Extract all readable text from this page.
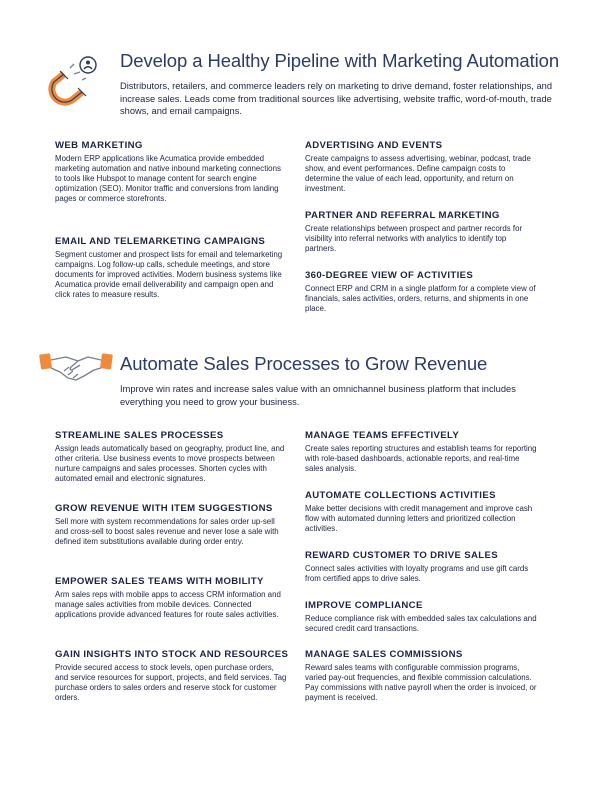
Develop a Healthy Pipeline with Marketing Automation

Distributors, retailers, and commerce leaders rely on marketing to drive demand, foster relationships, and increase sales. Leads come from traditional sources like advertising, website traffic, word-of-mouth, trade shows, and email campaigns.

WEB MARKETING

Modern ERP applications like Acumatica provide embedded marketing automation and native inbound marketing connections to tools like Hubspot to manage content for search engine optimization (SEO). Monitor traffic and conversions from landing pages or commerce storefronts.

EMAIL AND TELEMARKETING CAMPAIGNS

Segment customer and prospect lists for email and telemarketing campaigns. Log follow-up calls, schedule meetings, and store documents for improved activities. Modern business systems like Acumatica provide email deliverability and campaign open and click rates to measure results.

ADVERTISING AND EVENTS

Create campaigns to assess advertising, webinar, podcast, trade show, and event performances. Define campaign costs to determine the value of each lead, opportunity, and return on investment.

PARTNER AND REFERRAL MARKETING

Create relationships between prospect and partner records for visibility into referral networks with analytics to identify top partners.

360-DEGREE VIEW OF ACTIVITIES

Connect ERP and CRM in a single platform for a complete view of financials, sales activities, orders, returns, and shipments in one place.

Automate Sales Processes to Grow Revenue

Improve win rates and increase sales value with an omnichannel business platform that includes everything you need to grow your business.

STREAMLINE SALES PROCESSES

Assign leads automatically based on geography, product line, and other criteria. Use business events to move prospects between nurture campaigns and sales processes. Shorten cycles with automated email and electronic signatures.

GROW REVENUE WITH ITEM SUGGESTIONS

Sell more with system recommendations for sales order up-sell and cross-sell to boost sales revenue and never lose a sale with defined item substitutions available during order entry.

EMPOWER SALES TEAMS WITH MOBILITY

Arm sales reps with mobile apps to access CRM information and manage sales activities from mobile devices. Connected applications provide advanced features for route sales activities.

GAIN INSIGHTS INTO STOCK AND RESOURCES

Provide secured access to stock levels, open purchase orders, and service resources for support, projects, and field services. Tag purchase orders to sales orders and reserve stock for customer orders.

MANAGE TEAMS EFFECTIVELY

Create sales reporting structures and establish teams for reporting with role-based dashboards, actionable reports, and real-time sales analysis.

AUTOMATE COLLECTIONS ACTIVITIES

Make better decisions with credit management and improve cash flow with automated dunning letters and prioritized collection activities.

REWARD CUSTOMER TO DRIVE SALES

Connect sales activities with loyalty programs and use gift cards from certified apps to drive sales.

IMPROVE COMPLIANCE

Reduce compliance risk with embedded sales tax calculations and secured credit card transactions.

MANAGE SALES COMMISSIONS

Reward sales teams with configurable commission programs, varied pay-out frequencies, and flexible commission calculations. Pay commissions with native payroll when the order is invoiced, or payment is received.
